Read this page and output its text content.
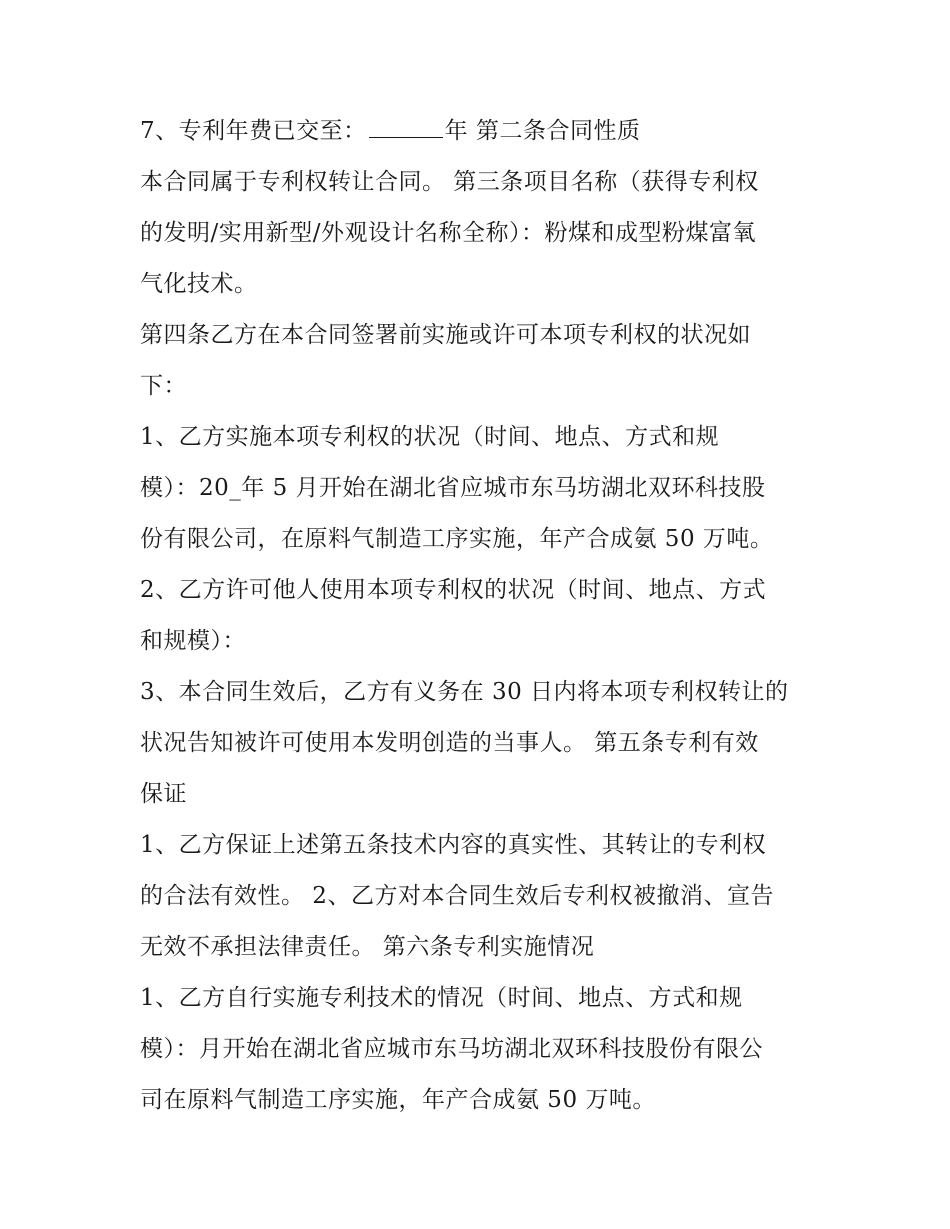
7、专利年费已交至：	年 第二条合同性质
本合同属于专利权转让合同。 第三条项目名称（获得专利权
的发明/实用新型/外观设计名称全称）：粉煤和成型粉煤富氧
气化技术。
第四条乙方在本合同签署前实施或许可本项专利权的状况如
下：
1、乙方实施本项专利权的状况（时间、地点、方式和规
模）：20_年 5 月开始在湖北省应城市东马坊湖北双环科技股
份有限公司，在原料气制造工序实施，年产合成氨 50 万吨。
2、乙方许可他人使用本项专利权的状况（时间、地点、方式
和规模）：
3、本合同生效后，乙方有义务在 30 日内将本项专利权转让的
状况告知被许可使用本发明创造的当事人。 第五条专利有效
保证
1、乙方保证上述第五条技术内容的真实性、其转让的专利权
的合法有效性。 2、乙方对本合同生效后专利权被撤消、宣告
无效不承担法律责任。 第六条专利实施情况
1、乙方自行实施专利技术的情况（时间、地点、方式和规
模）：月开始在湖北省应城市东马坊湖北双环科技股份有限公
司在原料气制造工序实施，年产合成氨 50 万吨。
